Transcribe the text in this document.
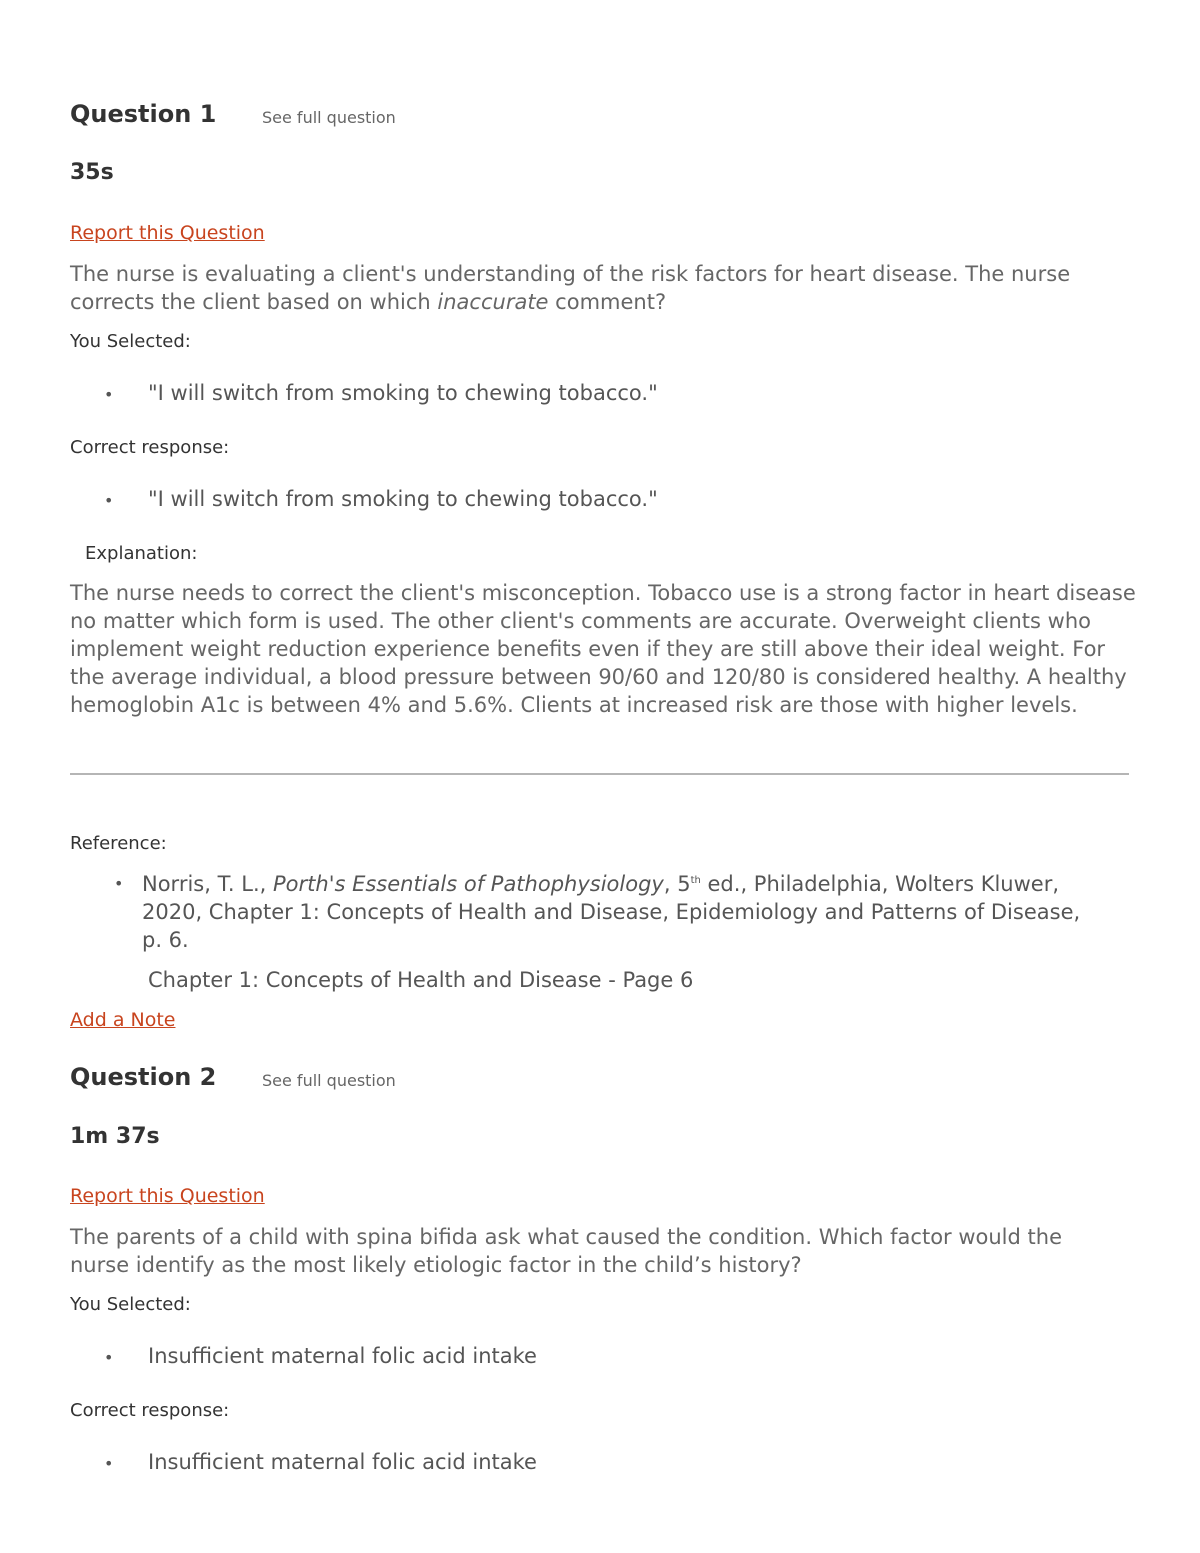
Question 1	See full question
35s
Report this Question
The nurse is evaluating a client's understanding of the risk factors for heart disease. The nurse corrects the client based on which inaccurate comment?
You Selected:
• "I will switch from smoking to chewing tobacco."
Correct response:
• "I will switch from smoking to chewing tobacco."
Explanation:
The nurse needs to correct the client's misconception. Tobacco use is a strong factor in heart disease no matter which form is used. The other client's comments are accurate. Overweight clients who implement weight reduction experience benefits even if they are still above their ideal weight. For the average individual, a blood pressure between 90/60 and 120/80 is considered healthy. A healthy hemoglobin A1c is between 4% and 5.6%. Clients at increased risk are those with higher levels.
Reference:
• Norris, T. L., Porth's Essentials of Pathophysiology, 5th ed., Philadelphia, Wolters Kluwer, 2020, Chapter 1: Concepts of Health and Disease, Epidemiology and Patterns of Disease, p. 6.
Chapter 1: Concepts of Health and Disease - Page 6
Add a Note
Question 2	See full question
1m 37s
Report this Question
The parents of a child with spina bifida ask what caused the condition. Which factor would the nurse identify as the most likely etiologic factor in the child’s history?
You Selected:
• Insufficient maternal folic acid intake
Correct response:
• Insufficient maternal folic acid intake
